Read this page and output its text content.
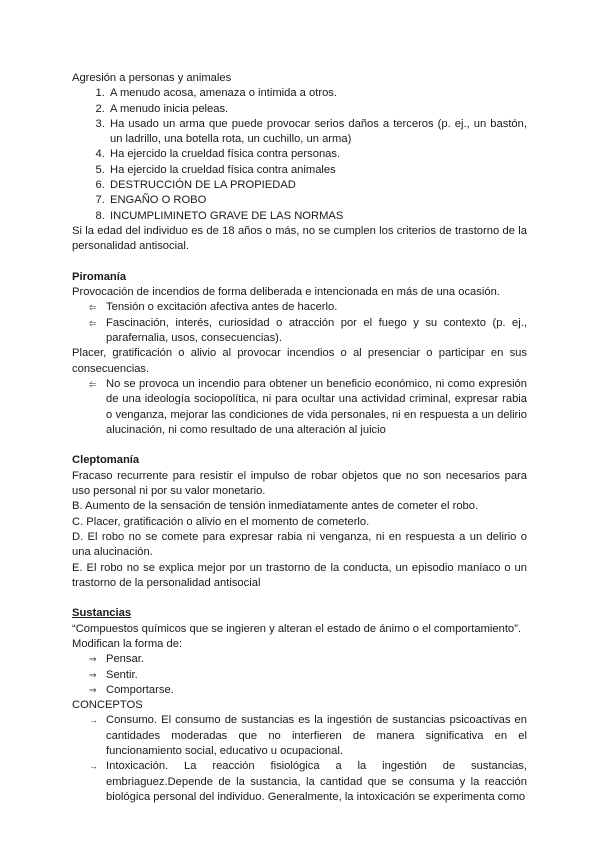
Agresión a personas y animales

1. A menudo acosa, amenaza o intimida a otros.
2. A menudo inicia peleas.
3. Ha usado un arma que puede provocar serios daños a terceros (p. ej., un bastón, un ladrillo, una botella rota, un cuchillo, un arma)
4. Ha ejercido la crueldad física contra personas.
5. Ha ejercido la crueldad física contra animales
6. DESTRUCCIÓN DE LA PROPIEDAD
7. ENGAÑO O ROBO
8. INCUMPLIMINETO GRAVE DE LAS NORMAS

Si la edad del individuo es de 18 años o más, no se cumplen los criterios de trastorno de la personalidad antisocial.

Piromanía

Provocación de incendios de forma deliberada e intencionada en más de una ocasión.

⥢ Tensión o excitación afectiva antes de hacerlo.
⥢ Fascinación, interés, curiosidad o atracción por el fuego y su contexto (p. ej., parafernalia, usos, consecuencias).

Placer, gratificación o alivio al provocar incendios o al presenciar o participar en sus consecuencias.

⥢ No se provoca un incendio para obtener un beneficio económico, ni como expresión de una ideología sociopolítica, ni para ocultar una actividad criminal, expresar rabia o venganza, mejorar las condiciones de vida personales, ni en respuesta a un delirio alucinación, ni como resultado de una alteración al juicio

Cleptomanía

Fracaso recurrente para resistir el impulso de robar objetos que no son necesarios para uso personal ni por su valor monetario.

B. Aumento de la sensación de tensión inmediatamente antes de cometer el robo.

C. Placer, gratificación o alivio en el momento de cometerlo.

D. El robo no se comete para expresar rabia ni venganza, ni en respuesta a un delirio o una alucinación.

E. El robo no se explica mejor por un trastorno de la conducta, un episodio maníaco o un trastorno de la personalidad antisocial

Sustancias

“Compuestos químicos que se ingieren y alteran el estado de ánimo o el comportamiento”.

Modifican la forma de:

⇒ Pensar.
⇒ Sentir.
⇒ Comportarse.

CONCEPTOS

→ Consumo. El consumo de sustancias es la ingestión de sustancias psicoactivas en cantidades moderadas que no interfieren de manera significativa en el funcionamiento social, educativo u ocupacional.
→ Intoxicación. La reacción fisiológica a la ingestión de sustancias, embriaguez.Depende de la sustancia, la cantidad que se consuma y la reacción biológica personal del individuo. Generalmente, la intoxicación se experimenta como
